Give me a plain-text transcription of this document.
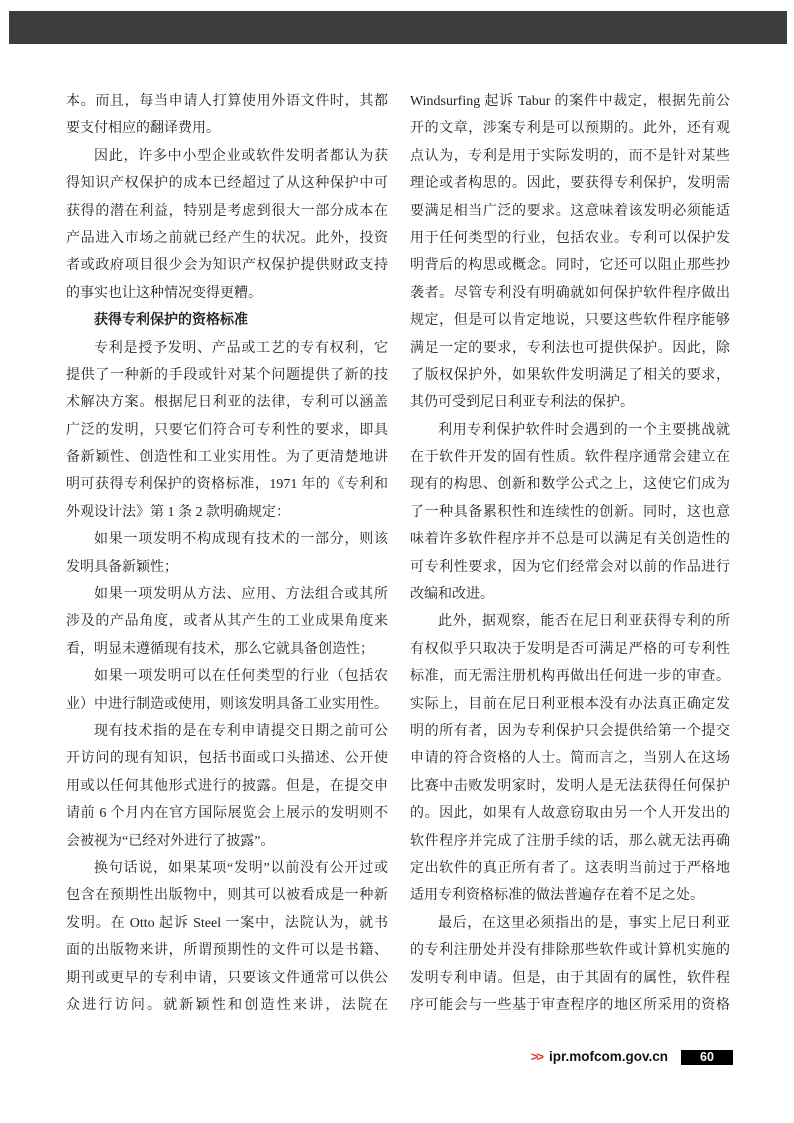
本。而且，每当申请人打算使用外语文件时，其都
要支付相应的翻译费用。
因此，许多中小型企业或软件发明者都认为获
得知识产权保护的成本已经超过了从这种保护中可
获得的潜在利益，特别是考虑到很大一部分成本在
产品进入市场之前就已经产生的状况。此外，投资
者或政府项目很少会为知识产权保护提供财政支持
的事实也让这种情况变得更糟。
获得专利保护的资格标准
专利是授予发明、产品或工艺的专有权利，它
提供了一种新的手段或针对某个问题提供了新的技
术解决方案。根据尼日利亚的法律，专利可以涵盖
广泛的发明，只要它们符合可专利性的要求，即具
备新颖性、创造性和工业实用性。为了更清楚地讲
明可获得专利保护的资格标准，1971 年的《专利和
外观设计法》第 1 条 2 款明确规定：
如果一项发明不构成现有技术的一部分，则该
发明具备新颖性；
如果一项发明从方法、应用、方法组合或其所
涉及的产品角度，或者从其产生的工业成果角度来
看，明显未遵循现有技术，那么它就具备创造性；
如果一项发明可以在任何类型的行业（包括农
业）中进行制造或使用，则该发明具备工业实用性。
现有技术指的是在专利申请提交日期之前可公
开访问的现有知识，包括书面或口头描述、公开使
用或以任何其他形式进行的披露。但是，在提交申
请前 6 个月内在官方国际展览会上展示的发明则不
会被视为“已经对外进行了披露”。
换句话说，如果某项“发明”以前没有公开过或
包含在预期性出版物中，则其可以被看成是一种新
发明。在 Otto 起诉 Steel 一案中，法院认为，就书
面的出版物来讲，所谓预期性的文件可以是书籍、
期刊或更早的专利申请，只要该文件通常可以供公
众进行访问。就新颖性和创造性来讲，法院在
Windsurfing 起诉 Tabur 的案件中裁定，根据先前公
开的文章，涉案专利是可以预期的。此外，还有观
点认为，专利是用于实际发明的，而不是针对某些
理论或者构思的。因此，要获得专利保护，发明需
要满足相当广泛的要求。这意味着该发明必须能适
用于任何类型的行业，包括农业。专利可以保护发
明背后的构思或概念。同时，它还可以阻止那些抄
袭者。尽管专利没有明确就如何保护软件程序做出
规定，但是可以肯定地说，只要这些软件程序能够
满足一定的要求，专利法也可提供保护。因此，除
了版权保护外，如果软件发明满足了相关的要求，
其仍可受到尼日利亚专利法的保护。
利用专利保护软件时会遇到的一个主要挑战就
在于软件开发的固有性质。软件程序通常会建立在
现有的构思、创新和数学公式之上，这使它们成为
了一种具备累积性和连续性的创新。同时，这也意
味着许多软件程序并不总是可以满足有关创造性的
可专利性要求，因为它们经常会对以前的作品进行
改编和改进。
此外，据观察，能否在尼日利亚获得专利的所
有权似乎只取决于发明是否可满足严格的可专利性
标准，而无需注册机构再做出任何进一步的审查。
实际上，目前在尼日利亚根本没有办法真正确定发
明的所有者，因为专利保护只会提供给第一个提交
申请的符合资格的人士。简而言之，当别人在这场
比赛中击败发明家时，发明人是无法获得任何保护
的。因此，如果有人故意窃取由另一个人开发出的
软件程序并完成了注册手续的话，那么就无法再确
定出软件的真正所有者了。这表明当前过于严格地
适用专利资格标准的做法普遍存在着不足之处。
最后，在这里必须指出的是，事实上尼日利亚
的专利注册处并没有排除那些软件或计算机实施的
发明专利申请。但是，由于其固有的属性，软件程
序可能会与一些基于审查程序的地区所采用的资格
>> ipr.mofcom.gov.cn	60
